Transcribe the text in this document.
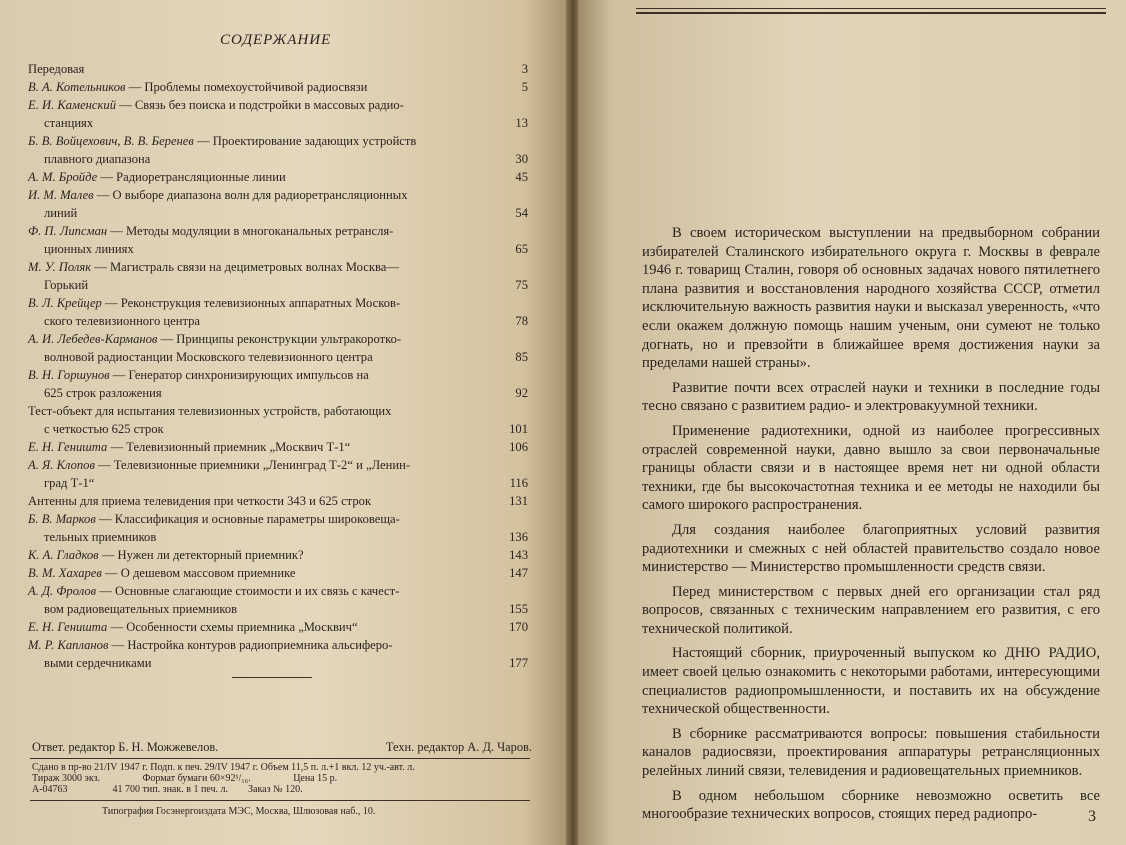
СОДЕРЖАНИЕ
Передовая	3
В. А. Котельников — Проблемы помехоустойчивой радиосвязи	5
Е. И. Каменский — Связь без поиска и подстройки в массовых радио-
станциях	13
Б. В. Войцехович, В. В. Беренев — Проектирование задающих устройств
плавного диапазона	30
А. М. Бройде — Радиоретрансляционные линии	45
И. М. Малев — О выборе диапазона волн для радиоретрансляционных
линий	54
Ф. П. Липсман — Методы модуляции в многоканальных ретрансля-
ционных линиях	65
М. У. Поляк — Магистраль связи на дециметровых волнах Москва—
Горький	75
В. Л. Крейцер — Реконструкция телевизионных аппаратных Москов-
ского телевизионного центра	78
А. И. Лебедев-Карманов — Принципы реконструкции ультракоротко-
волновой радиостанции Московского телевизионного центра	85
В. Н. Горшунов — Генератор синхронизирующих импульсов на
625 строк разложения	92
Тест-объект для испытания телевизионных устройств, работающих
с четкостью 625 строк	101
Е. Н. Геништа — Телевизионный приемник „Москвич Т-1“	106
А. Я. Клопов — Телевизионные приемники „Ленинград Т-2“ и „Ленин-
град Т-1“	116
Антенны для приема телевидения при четкости 343 и 625 строк	131
Б. В. Марков — Классификация и основные параметры широковеща-
тельных приемников	136
К. А. Гладков — Нужен ли детекторный приемник?	143
В. М. Хахарев — О дешевом массовом приемнике	147
А. Д. Фролов — Основные слагающие стоимости и их связь с качест-
вом радиовещательных приемников	155
Е. Н. Геништа — Особенности схемы приемника „Москвич“	170
М. Р. Капланов — Настройка контуров радиоприемника альсиферо-
выми сердечниками	177
Ответ. редактор Б. Н. Можжевелов.	Техн. редактор А. Д. Чаров.
Сдано в пр-во 21/IV 1947 г. Подп. к печ. 29/IV 1947 г. Объем 11,5 п. л.+1 вкл. 12 уч.-авт. л.
Тираж 3000 экз.                 Формат бумаги 60×92¹/₁₆.                 Цена 15 р.
А-04763                  41 700 тип. знак. в 1 печ. л.        Заказ № 120.
Типография Госэнергоиздата МЭС, Москва, Шлюзовая наб., 10.

В своем историческом выступлении на предвыборном собрании избирателей Сталинского избирательного округа г. Москвы в феврале 1946 г. товарищ Сталин, говоря об основных задачах нового пятилетнего плана развития и восстановления народного хозяйства СССР, отметил исключительную важность развития науки и высказал уверенность, «что если окажем должную помощь нашим ученым, они сумеют не только догнать, но и превзойти в ближайшее время достижения науки за пределами нашей страны».

Развитие почти всех отраслей науки и техники в последние годы тесно связано с развитием радио- и электровакуумной техники.

Применение радиотехники, одной из наиболее прогрессивных отраслей современной науки, давно вышло за свои первоначальные границы области связи и в настоящее время нет ни одной области техники, где бы высокочастотная техника и ее методы не находили бы самого широкого распространения.

Для создания наиболее благоприятных условий развития радиотехники и смежных с ней областей правительство создало новое министерство — Министерство промышленности средств связи.

Перед министерством с первых дней его организации стал ряд вопросов, связанных с техническим направлением его развития, с его технической политикой.

Настоящий сборник, приуроченный выпуском ко ДНЮ РАДИО, имеет своей целью ознакомить с некоторыми работами, интересующими специалистов радиопромышленности, и поставить их на обсуждение технической общественности.

В сборнике рассматриваются вопросы: повышения стабильности каналов радиосвязи, проектирования аппаратуры ретрансляционных релейных линий связи, телевидения и радиовещательных приемников.

В одном небольшом сборнике невозможно осветить все многообразие технических вопросов, стоящих перед радиопро-	3
